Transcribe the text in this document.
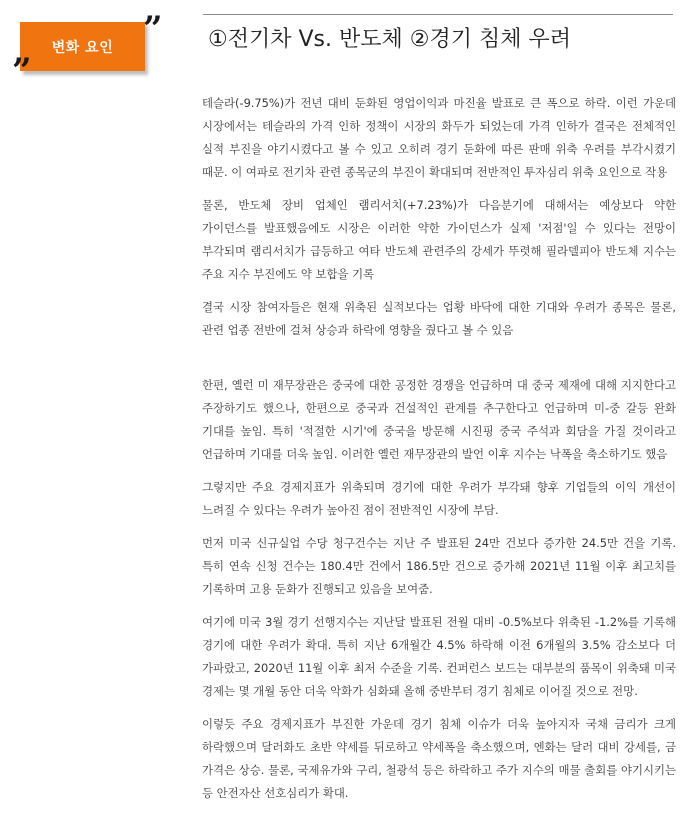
변화 요인 ”
”
①전기차 Vs. 반도체 ②경기 침체 우려

테슬라(-9.75%)가 전년 대비 둔화된 영업이익과 마진율 발표로 큰 폭으로 하락. 이런 가운데 시장에서는 테슬라의 가격 인하 정책이 시장의 화두가 되었는데 가격 인하가 결국은 전체적인 실적 부진을 야기시켰다고 볼 수 있고 오히려 경기 둔화에 따른 판매 위축 우려를 부각시켰기 때문. 이 여파로 전기차 관련 종목군의 부진이 확대되며 전반적인 투자심리 위축 요인으로 작용

물론, 반도체 장비 업체인 램리서치(+7.23%)가 다음분기에 대해서는 예상보다 약한 가이던스를 발표했음에도 시장은 이러한 약한 가이던스가 실제 '저점'일 수 있다는 전망이 부각되며 램리서치가 급등하고 여타 반도체 관련주의 강세가 뚜렷해 필라델피아 반도체 지수는 주요 지수 부진에도 약 보합을 기록

결국 시장 참여자들은 현재 위축된 실적보다는 업황 바닥에 대한 기대와 우려가 종목은 물론, 관련 업종 전반에 걸쳐 상승과 하락에 영향을 줬다고 볼 수 있음

한편, 옐런 미 재무장관은 중국에 대한 공정한 경쟁을 언급하며 대 중국 제재에 대해 지지한다고 주장하기도 했으나, 한편으로 중국과 건설적인 관계를 추구한다고 언급하며 미-중 갈등 완화 기대를 높임. 특히 '적절한 시기'에 중국을 방문해 시진핑 중국 주석과 회담을 가질 것이라고 언급하며 기대를 더욱 높임. 이러한 옐런 재무장관의 발언 이후 지수는 낙폭을 축소하기도 했음

그렇지만 주요 경제지표가 위축되며 경기에 대한 우려가 부각돼 향후 기업들의 이익 개선이 느려질 수 있다는 우려가 높아진 점이 전반적인 시장에 부담.

먼저 미국 신규실업 수당 청구건수는 지난 주 발표된 24만 건보다 증가한 24.5만 건을 기록. 특히 연속 신청 건수는 180.4만 건에서 186.5만 건으로 증가해 2021년 11월 이후 최고치를 기록하며 고용 둔화가 진행되고 있음을 보여줌.

여기에 미국 3월 경기 선행지수는 지난달 발표된 전월 대비 -0.5%보다 위축된 -1.2%를 기록해 경기에 대한 우려가 확대. 특히 지난 6개월간 4.5% 하락해 이전 6개월의 3.5% 감소보다 더 가파랐고, 2020년 11월 이후 최저 수준을 기록. 컨퍼런스 보드는 대부분의 품목이 위축돼 미국 경제는 몇 개월 동안 더욱 악화가 심화돼 올해 중반부터 경기 침체로 이어질 것으로 전망.

이렇듯 주요 경제지표가 부진한 가운데 경기 침체 이슈가 더욱 높아지자 국채 금리가 크게 하락했으며 달러화도 초반 약세를 뒤로하고 약세폭을 축소했으며, 엔화는 달러 대비 강세를, 금 가격은 상승. 물론, 국제유가와 구리, 철광석 등은 하락하고 주가 지수의 매물 출회를 야기시키는 등 안전자산 선호심리가 확대.
